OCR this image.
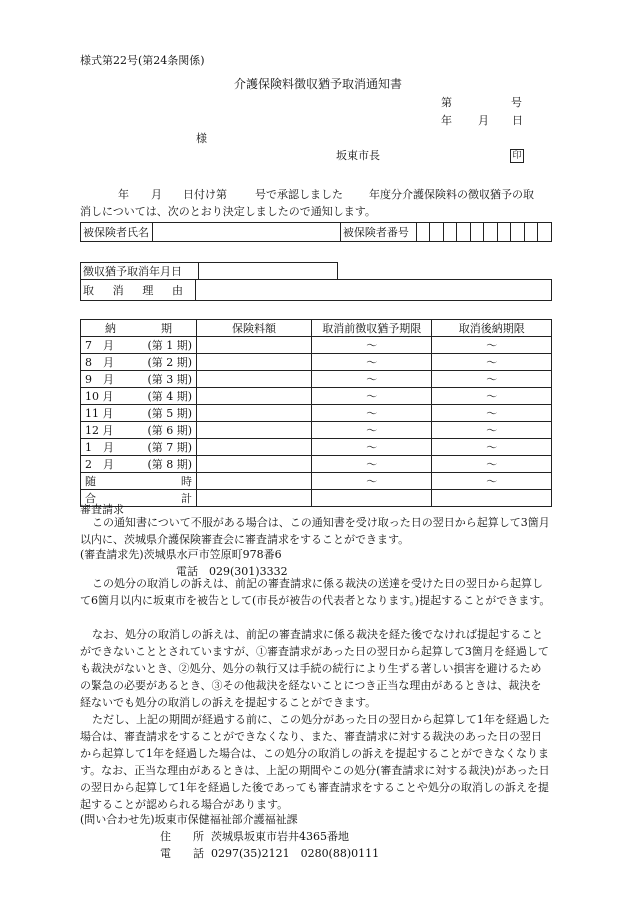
様式第22号(第24条関係)
介護保険料徴収猶予取消通知書
第	号
年 月 日
様
坂東市長	印
年 月 日付け第	号で承認しました 年度分介護保険料の徴収猶予の取
消しについては、次のとおり決定しましたので通知します。
被保険者氏名		被保険者番号										
徴収猶予取消年月日	
取 消 理 由

納 期	保険料額	取消前徴収猶予期限	取消後納期限

7　 月 (第 1 期)		～	～

8　 月 (第 2 期)		～	～

9　 月 (第 3 期)		～	～

10 月 (第 4 期)		～	～

11 月 (第 5 期)		～	～

12 月 (第 6 期)		～	～

1　 月 (第 7 期)		～	～

2　 月 (第 8 期)		～	～

随 時		～	～

合 計			

審査請求
この通知書について不服がある場合は、この通知書を受け取った日の翌日から起算して3箇月以内に、茨城県介護保険審査会に審査請求をすることができます。
(審査請求先)茨城県水戸市笠原町978番6
電話　029(301)3332
この処分の取消しの訴えは、前記の審査請求に係る裁決の送達を受けた日の翌日から起算して6箇月以内に坂東市を被告として(市長が被告の代表者となります。)提起することができます。
なお、処分の取消しの訴えは、前記の審査請求に係る裁決を経た後でなければ提起することができないこととされていますが、①審査請求があった日の翌日から起算して3箇月を経過しても裁決がないとき、②処分、処分の執行又は手続の続行により生ずる著しい損害を避けるための緊急の必要があるとき、③その他裁決を経ないことにつき正当な理由があるときは、裁決を経ないでも処分の取消しの訴えを提起することができます。
ただし、上記の期間が経過する前に、この処分があった日の翌日から起算して1年を経過した場合は、審査請求をすることができなくなり、また、審査請求に対する裁決のあった日の翌日から起算して1年を経過した場合は、この処分の取消しの訴えを提起することができなくなります。なお、正当な理由があるときは、上記の期間やこの処分(審査請求に対する裁決)があった日の翌日から起算して1年を経過した後であっても審査請求をすることや処分の取消しの訴えを提起することが認められる場合があります。
(問い合わせ先)坂東市保健福祉部介護福祉課
住　　所 茨城県坂東市岩井4365番地
電　　話 0297(35)2121　0280(88)0111
